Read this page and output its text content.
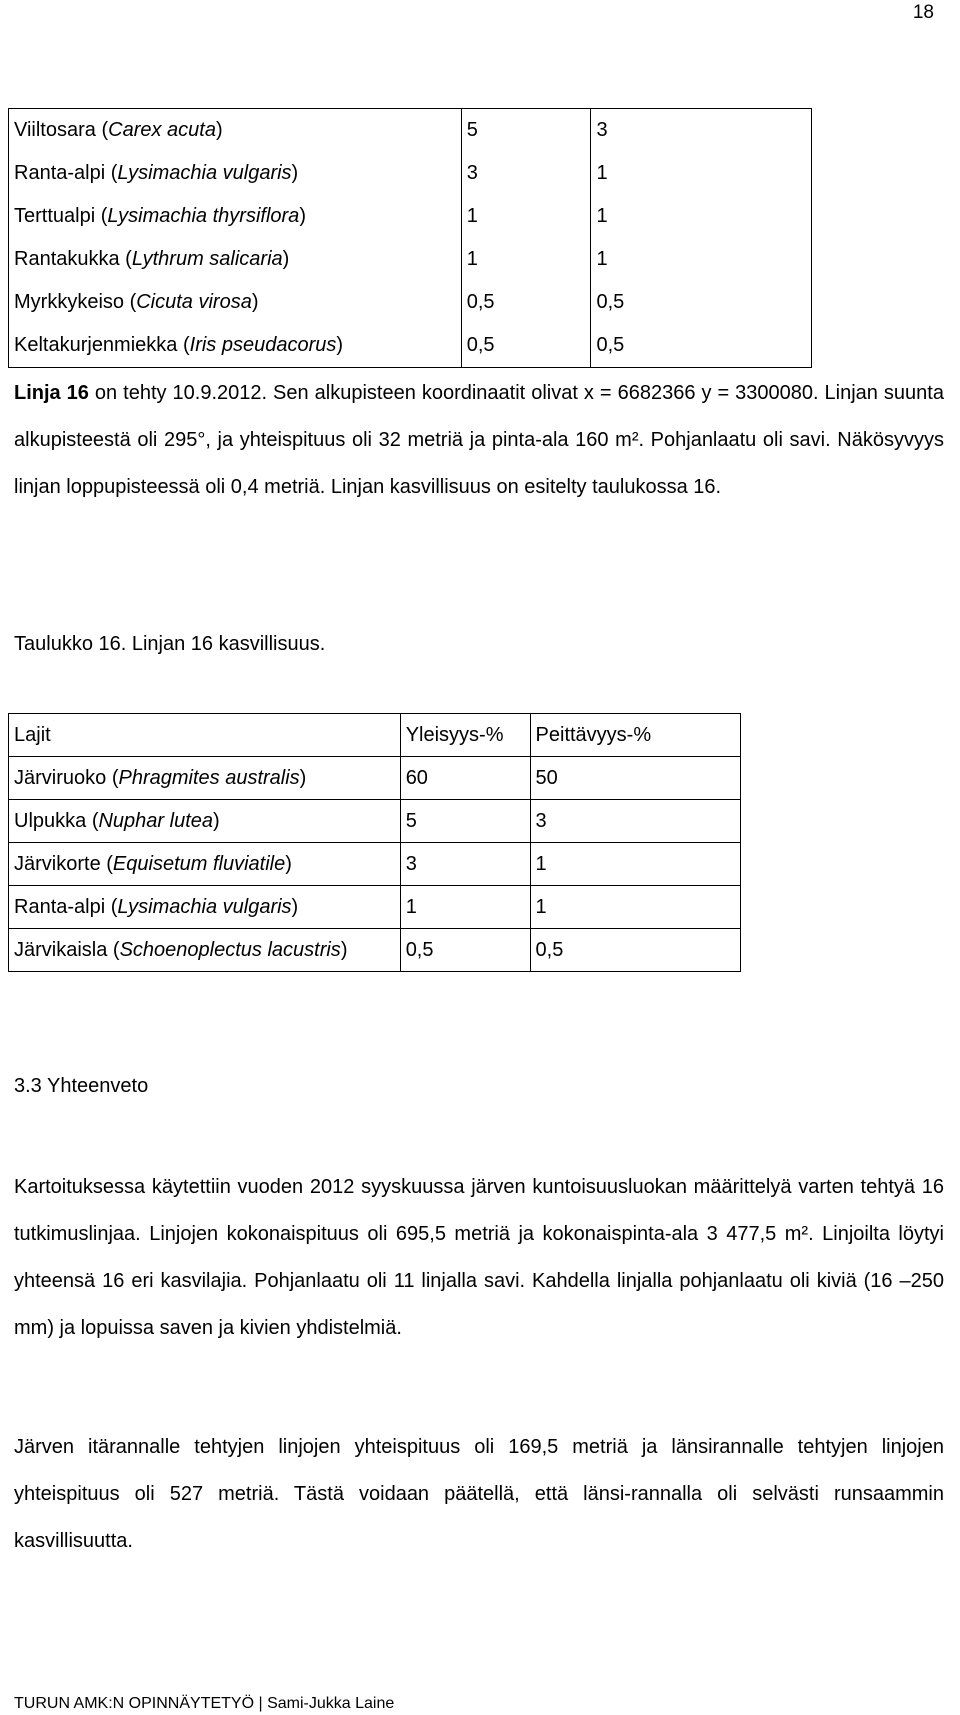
18
Viiltosara (Carex acuta)	5	3
Ranta-alpi (Lysimachia vulgaris)	3	1
Terttualpi (Lysimachia thyrsiflora)	1	1
Rantakukka (Lythrum salicaria)	1	1
Myrkkykeiso (Cicuta virosa)	0,5	0,5
Keltakurjenmiekka (Iris pseudacorus)	0,5	0,5

Linja 16 on tehty 10.9.2012. Sen alkupisteen koordinaatit olivat x = 6682366 y = 3300080. Linjan suunta alkupisteestä oli 295°, ja yhteispituus oli 32 metriä ja pinta-ala 160 m². Pohjanlaatu oli savi. Näkösyvyys linjan loppupisteessä oli 0,4 metriä. Linjan kasvillisuus on esitelty taulukossa 16.

Taulukko 16. Linjan 16 kasvillisuus.

Lajit	Yleisyys-%	Peittävyys-%
Järviruoko (Phragmites australis)	60	50
Ulpukka (Nuphar lutea)	5	3
Järvikorte (Equisetum fluviatile)	3	1
Ranta-alpi (Lysimachia vulgaris)	1	1
Järvikaisla (Schoenoplectus lacustris)	0,5	0,5
3.3 Yhteenveto

Kartoituksessa käytettiin vuoden 2012 syyskuussa järven kuntoisuusluokan määrittelyä varten tehtyä 16 tutkimuslinjaa. Linjojen kokonaispituus oli 695,5 metriä ja kokonaispinta-ala 3 477,5 m². Linjoilta löytyi yhteensä 16 eri kasvilajia. Pohjanlaatu oli 11 linjalla savi. Kahdella linjalla pohjanlaatu oli kiviä (16 –250 mm) ja lopuissa saven ja kivien yhdistelmiä.

Järven itärannalle tehtyjen linjojen yhteispituus oli 169,5 metriä ja länsirannalle tehtyjen linjojen yhteispituus oli 527 metriä. Tästä voidaan päätellä, että länsi-rannalla oli selvästi runsaammin kasvillisuutta.

TURUN AMK:N OPINNÄYTETYÖ | Sami-Jukka Laine
